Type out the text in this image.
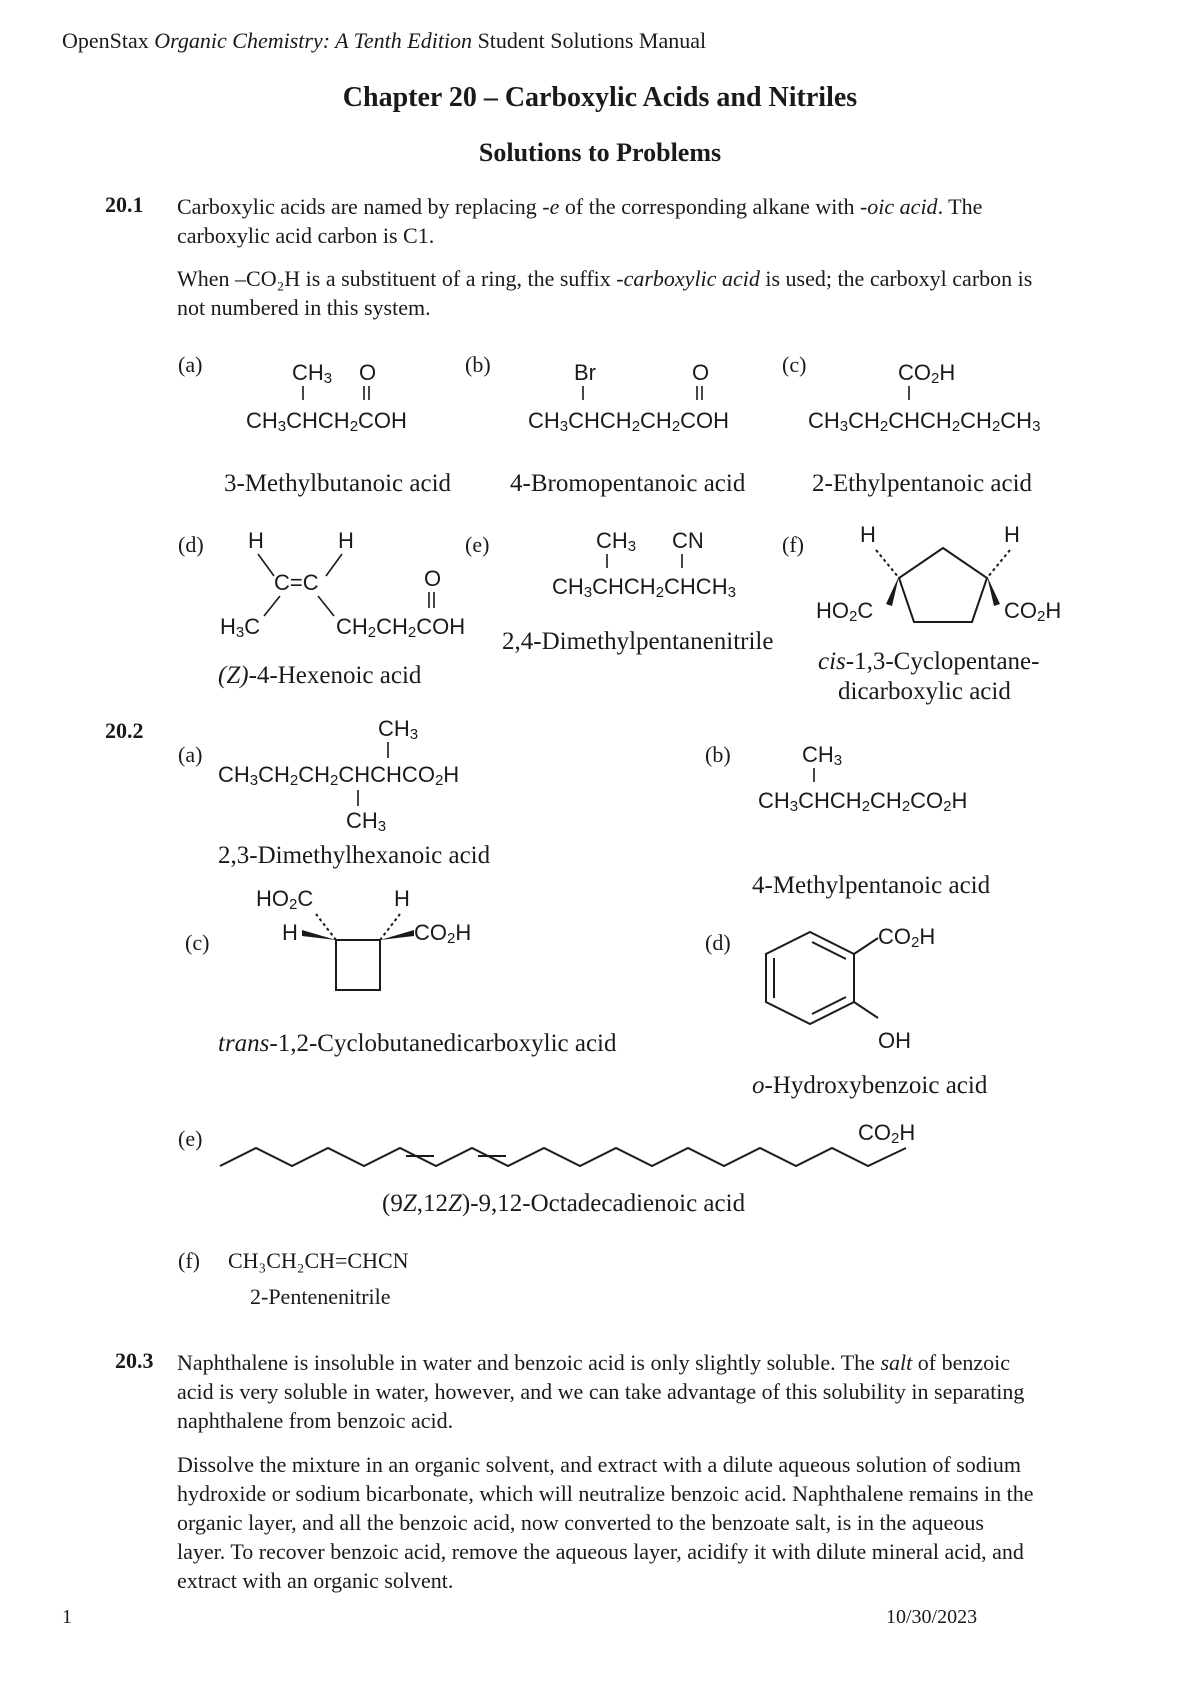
OpenStax Organic Chemistry: A Tenth Edition Student Solutions Manual
Chapter 20 – Carboxylic Acids and Nitriles
Solutions to Problems
20.1 Carboxylic acids are named by replacing -e of the corresponding alkane with -oic acid. The carboxylic acid carbon is C1.
When –CO₂H is a substituent of a ring, the suffix -carboxylic acid is used; the carboxyl carbon is not numbered in this system.
(a)	$CH_3$ O
$CH_3CHCH_2COH$
3-Methylbutanoic acid
(b)	Br	O
$CH_3CHCH_2CH_2COH$
4-Bromopentanoic acid
(c)	$CO_2H$
$CH_3CH_2CHCH_2CH_2CH_3$
2-Ethylpentanoic acid
(d) H	H
C=C	O
$H_3C$	$CH_2CH_2COH$
(Z)-4-Hexenoic acid
(e)	$CH_3$ CN
$CH_3CHCH_2CHCH_3$
2,4-Dimethylpentanenitrile
(f)	H	H
$HO_2C$	$CO_2H$
cis-1,3-Cyclopentane-
dicarboxylic acid
20.2
(a)
$CH_3$
$CH_3CH_2CH_2CHCHCO_2H$
$CH_3$
2,3-Dimethylhexanoic acid
(b)	$CH_3$
$CH_3CHCH_2CH_2CO_2H$
4-Methylpentanoic acid
(c)
$HO_2C$	H
H	$CO_2H$
trans-1,2-Cyclobutanedicarboxylic acid
(d)	$CO_2H$
OH
o-Hydroxybenzoic acid
(e)	$CO_2H$
(9Z,12Z)-9,12-Octadecadienoic acid
(f) CH₃CH₂CH=CHCN
2-Pentenenitrile
20.3 Naphthalene is insoluble in water and benzoic acid is only slightly soluble. The salt of benzoic acid is very soluble in water, however, and we can take advantage of this solubility in separating naphthalene from benzoic acid.
Dissolve the mixture in an organic solvent, and extract with a dilute aqueous solution of sodium hydroxide or sodium bicarbonate, which will neutralize benzoic acid. Naphthalene remains in the organic layer, and all the benzoic acid, now converted to the benzoate salt, is in the aqueous layer. To recover benzoic acid, remove the aqueous layer, acidify it with dilute mineral acid, and extract with an organic solvent.
1	10/30/2023
